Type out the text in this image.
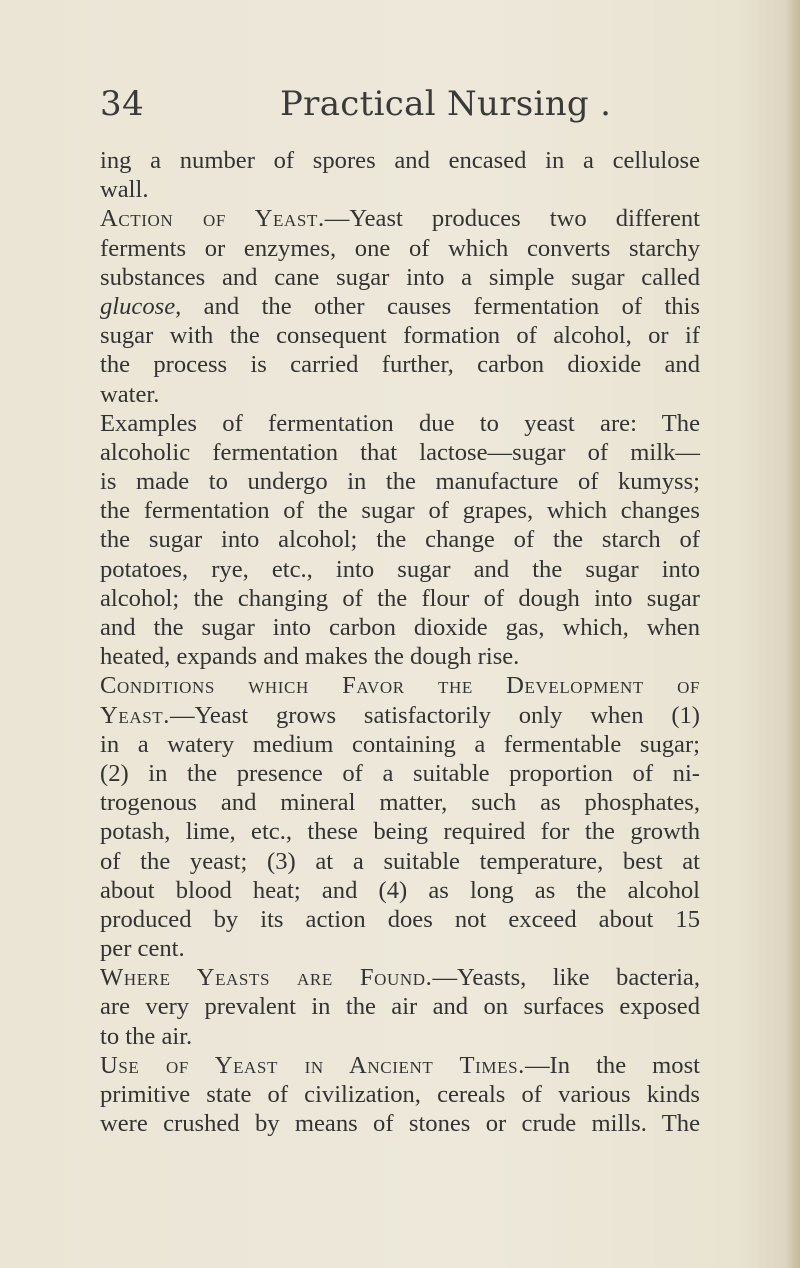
34	Practical Nursing .
ing a number of spores and encased in a cellulose
wall.
Action of Yeast.—Yeast produces two different
ferments or enzymes, one of which converts starchy
substances and cane sugar into a simple sugar called
glucose, and the other causes fermentation of this
sugar with the consequent formation of alcohol, or if
the process is carried further, carbon dioxide and
water.
Examples of fermentation due to yeast are: The
alcoholic fermentation that lactose—sugar of milk—
is made to undergo in the manufacture of kumyss;
the fermentation of the sugar of grapes, which changes
the sugar into alcohol; the change of the starch of
potatoes, rye, etc., into sugar and the sugar into
alcohol; the changing of the flour of dough into sugar
and the sugar into carbon dioxide gas, which, when
heated, expands and makes the dough rise.
Conditions which Favor the Development of
Yeast.—Yeast grows satisfactorily only when (1)
in a watery medium containing a fermentable sugar;
(2) in the presence of a suitable proportion of ni-
trogenous and mineral matter, such as phosphates,
potash, lime, etc., these being required for the growth
of the yeast; (3) at a suitable temperature, best at
about blood heat; and (4) as long as the alcohol
produced by its action does not exceed about 15
per cent.
Where Yeasts are Found.—Yeasts, like bacteria,
are very prevalent in the air and on surfaces exposed
to the air.
Use of Yeast in Ancient Times.—In the most
primitive state of civilization, cereals of various kinds
were crushed by means of stones or crude mills. The
